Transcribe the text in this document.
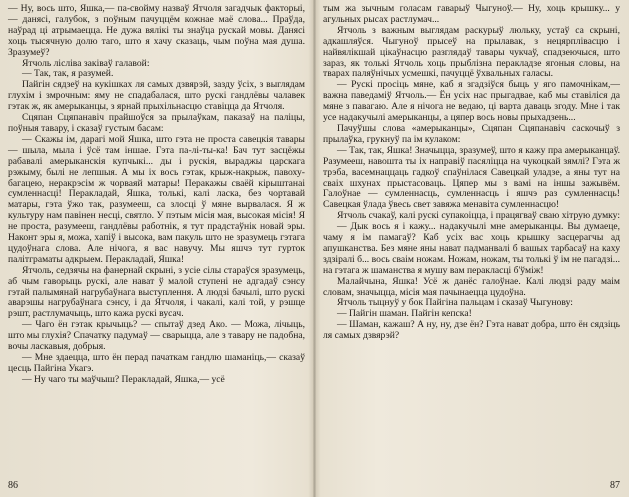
— Ну, вось што, Яшка,— па-свойму назваў Ятчоля загадчык факторыі,— данясі, галубок, з поўным пачуццём кожнае маё слова... Праўда, наўрад ці атрымаецца. Не дужа вялікі ты знаўца рускай мовы. Данясі хоць тысячную долю таго, што я хачу сказаць, чым поўна мая душа. Зразумеў?

Ятчоль лісліва заківаў галавой:

— Так, так, я разумей.

Пайгін сядзеў на кукішках ля самых дзвярэй, зазду ўсіх, з выглядам глухім і змрочным: яму не спадабалася, што рускі гандлёвы чалавек гэтак ж, як амерыканцы, з ярнай прыхільнасцю ставіцца да Ятчоля.

Сцяпан Сцяпанавіч прайшоўся за прылаўкам, паказаў на паліцы, поўныя тавару, і сказаў густым басам:

— Скажы ім, дарагі мой Яшка, што гэта не проста савецкія тавары — шыла, мыла і ўсё там іншае. Гэта па-лі-ты-ка! Бач тут засцёжы рабавалі амерыканскія купчыкі... ды і рускія, выраджы царскага рэжыму, былі не лепшыя. А мы іх вось гэтак, крыж-накрыж, павоху-багацею, неракрэсім ж чорваяй матары! Перакажы сваёй кірыштанаі сумленнасці! Перакладай, Яшка, толькі, калі ласка, без чортавай матары, гэта ўжо так, разумееш, са злосці ў мяне вырвалася. Я ж культуру нам павінен несці, святло. У пэтым місія мая, высокая місія! Я не проста, разумееш, гандлёвы работнік, я тут прадстаўнік новай эры. Наконт эры я, можа, хапіў і высока, вам пакуль што не зразумець гэтага цудоўнага слова. Але нічога, я вас навучу. Мы яшчэ тут гурток палітграматы адкрыем. Перакладай, Яшка!

Ятчоль, седзячы на фанернай скрыні, з усіе сілы стараўся зразумець, аб чым гаворыць рускі, але нават ў малой ступені не адгадаў сэнсу гэтай палымянай нагрубаўнага выступлення. А людзі бачылі, што рускі аварэшы нагрубаўнага сэнсу, і да Ятчоля, і чакалі, калі той, у рэшце рэшт, растлумачыць, што кажа рускі вусач.

— Чаго ён гэтак крычыць? — спытаў дзед Ако. — Можа, лічыць, што мы глухія? Спачатку падумаў — сварыцца, але з тавару не падобна, вочы ласкавыя, добрыя.

— Мне здаецца, што ён перад пачаткам гандлю шаманіць,— сказаў цесць Пайгіна Укагэ.

— Ну чаго ты маўчыш? Перакладай, Яшка,— усё

86

тым жа зычным голасам гаварыў Чыгуноў.— Ну, хоць крышку... у агульных рысах растлумач...

Ятчоль з важным выглядам раскурыў люльку, устаў са скрыні, адкашляўся. Чыгуноў прысеў на прылавак, з нецярплівасцю і найвялікшай цікаўнасцю разглядаў тавары чукчаў, спадзеючыся, што зараз, як толькі Ятчоль хоць прыблізна перакладзе ягоныя словы, на тварах паляўнічых усмешкі, пачуццё ўхвальных галасы.

— Рускі просіць мяне, каб я згадзіўся быць у яго памочнікам,— важна паведаміў Ятчоль.— Ён усіх нас прыгадвае, каб мы ставіліся да мяне з павагаю. Але я нічога не ведаю, ці варта даваць згоду. Мне і так усе надакучылі амерыканцы, а цяпер вось новы прыхадзень...

Пачуўшы слова «амерыканцы», Сцяпан Сцяпанавіч саскочыў з прылаўка, грукнуў па ім кулаком:

— Так, так, Яшка! Значыцца, зразумеў, што я кажу пра амерыканцаў. Разумееш, навошта ты іх направіў пасяліцца на чукоцкай зямлі? Гэта ж трэба, васемнаццаць гадкоў спаўнілася Савецкай уладзе, а яны тут на сваіх шхунах прыстасоваць. Цяпер мы з вамі на іншы зажывём. Галоўнае — сумленнасць, сумленнасць і яшчэ раз сумленнасць! Савецкая ўлада ўвесь свет завяжа менавіта сумленнасцю!

Ятчоль счакаў, калі рускі супакоіцца, і працягваў сваю хітрую думку:

— Дык вось я і кажу... надакучылі мне амерыканцы. Вы думаеце, чаму я ім памагаў? Каб усіх вас хоць крышку засцерагчы ад апушканства. Без мяне яны нават падманвалі б вашых тарбасаў на каху здзіралі б... вось сваім ножам. Ножам, ножам, ты толькі ў ім не пагадзі... на гэтага ж шаманства я мушу вам перакласці б'ўміж!

Малайчына, Яшка! Усё ж данёс галоўнае. Калі людзі раду маім словам, значыцца, місія мая пачынаецца цудоўна.

Ятчоль тыцнуў у бок Пайгіна пальцам і сказаў Чыгунову:

— Пайгін шаман. Пайгін кепска!

— Шаман, кажаш? А ну, ну, дзе ён? Гэта нават добра, што ён сядзіць ля самых дзвярэй?

87
